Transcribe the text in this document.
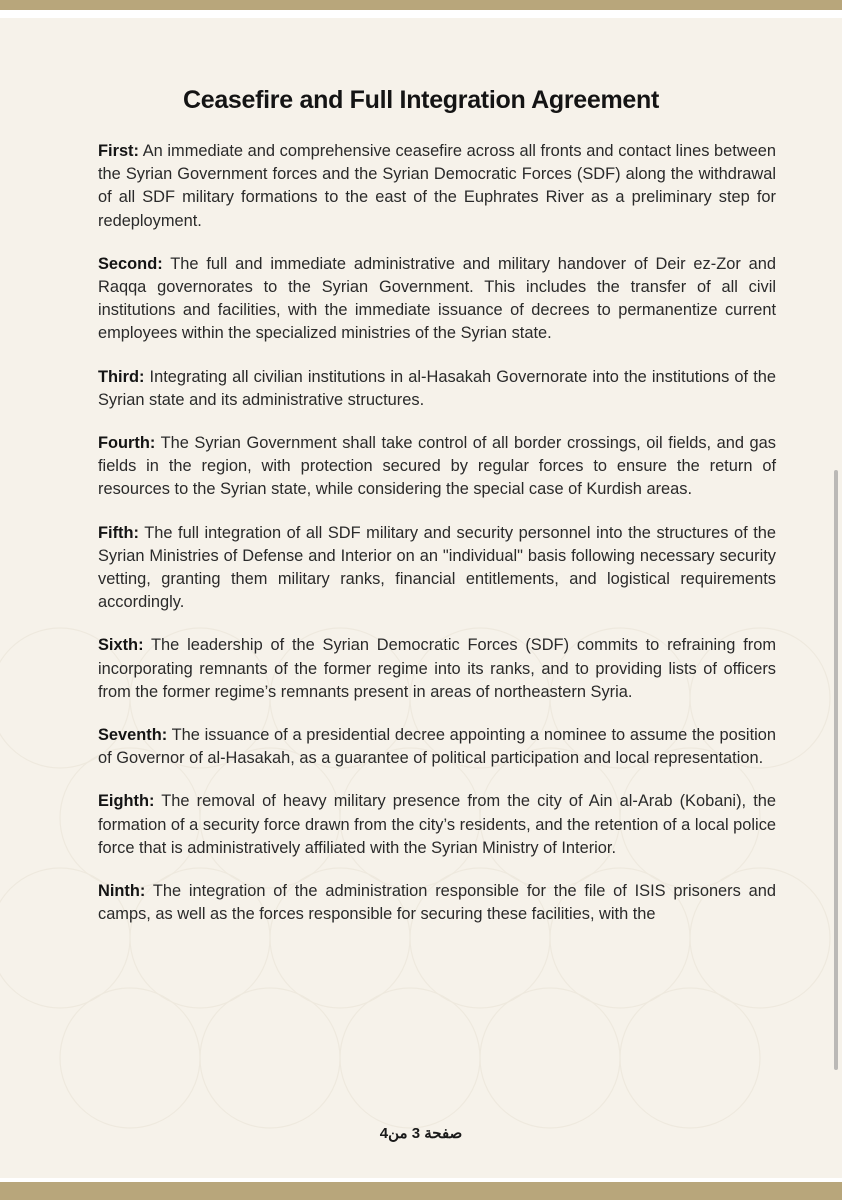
Ceasefire and Full Integration Agreement

First: An immediate and comprehensive ceasefire across all fronts and contact lines between the Syrian Government forces and the Syrian Democratic Forces (SDF) along the withdrawal of all SDF military formations to the east of the Euphrates River as a preliminary step for redeployment.

Second: The full and immediate administrative and military handover of Deir ez-Zor and Raqqa governorates to the Syrian Government. This includes the transfer of all civil institutions and facilities, with the immediate issuance of decrees to permanentize current employees within the specialized ministries of the Syrian state.

Third: Integrating all civilian institutions in al-Hasakah Governorate into the institutions of the Syrian state and its administrative structures.

Fourth: The Syrian Government shall take control of all border crossings, oil fields, and gas fields in the region, with protection secured by regular forces to ensure the return of resources to the Syrian state, while considering the special case of Kurdish areas.

Fifth: The full integration of all SDF military and security personnel into the structures of the Syrian Ministries of Defense and Interior on an "individual" basis following necessary security vetting, granting them military ranks, financial entitlements, and logistical requirements accordingly.

Sixth: The leadership of the Syrian Democratic Forces (SDF) commits to refraining from incorporating remnants of the former regime into its ranks, and to providing lists of officers from the former regime’s remnants present in areas of northeastern Syria.

Seventh: The issuance of a presidential decree appointing a nominee to assume the position of Governor of al-Hasakah, as a guarantee of political participation and local representation.

Eighth: The removal of heavy military presence from the city of Ain al-Arab (Kobani), the formation of a security force drawn from the city’s residents, and the retention of a local police force that is administratively affiliated with the Syrian Ministry of Interior.

Ninth: The integration of the administration responsible for the file of ISIS prisoners and camps, as well as the forces responsible for securing these facilities, with the

صفحة 3 من4
